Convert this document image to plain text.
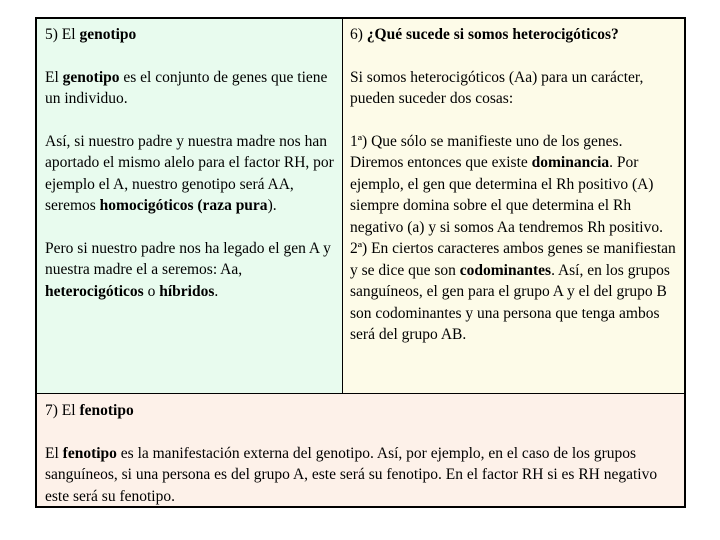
5) El genotipo

El genotipo es el conjunto de genes que tiene un individuo.

Así, si nuestro padre y nuestra madre nos han aportado el mismo alelo para el factor RH, por ejemplo el A, nuestro genotipo será AA, seremos homocigóticos (raza pura).

Pero si nuestro padre nos ha legado el gen A y nuestra madre el a seremos: Aa, heterocigóticos o híbridos.

6) ¿Qué sucede si somos heterocigóticos?

Si somos heterocigóticos (Aa) para un carácter, pueden suceder dos cosas:

1ª) Que sólo se manifieste uno de los genes. Diremos entonces que existe dominancia. Por ejemplo, el gen que determina el Rh positivo (A) siempre domina sobre el que determina el Rh negativo (a) y si somos Aa tendremos Rh positivo.

2ª) En ciertos caracteres ambos genes se manifiestan y se dice que son codominantes. Así, en los grupos sanguíneos, el gen para el grupo A y el del grupo B son codominantes y una persona que tenga ambos será del grupo AB.

7) El fenotipo

El fenotipo es la manifestación externa del genotipo. Así, por ejemplo, en el caso de los grupos sanguíneos, si una persona es del grupo A, este será su fenotipo. En el factor RH si es RH negativo este será su fenotipo.
